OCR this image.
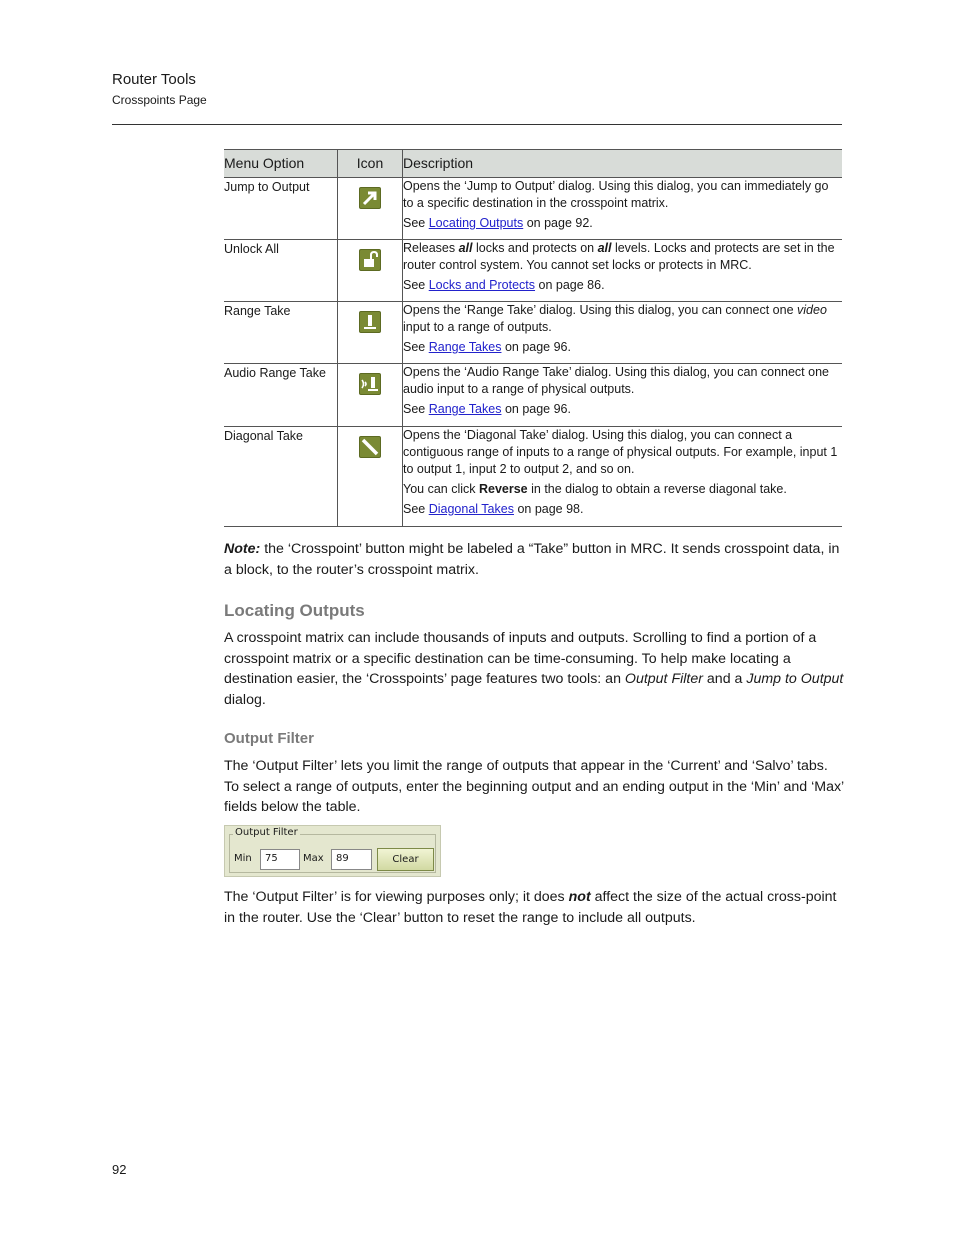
Router Tools
Crosspoints Page
Menu Option	Icon	Description
Jump to Output		Opens the ‘Jump to Output’ dialog. Using this dialog, you can immediately go to a specific destination in the crosspoint matrix.

See Locating Outputs on page 92.

Unlock All		Releases all locks and protects on all levels. Locks and protects are set in the router control system. You cannot set locks or protects in MRC.

See Locks and Protects on page 86.

Range Take		Opens the ‘Range Take’ dialog. Using this dialog, you can connect one video input to a range of outputs.

See Range Takes on page 96.

Audio Range Take		Opens the ‘Audio Range Take’ dialog. Using this dialog, you can connect one audio input to a range of physical outputs.

See Range Takes on page 96.

Diagonal Take		Opens the ‘Diagonal Take’ dialog. Using this dialog, you can connect a contiguous range of inputs to a range of physical outputs. For example, input 1 to output 1, input 2 to output 2, and so on.

You can click Reverse in the dialog to obtain a reverse diagonal take.

See Diagonal Takes on page 98.

Note: the ‘Crosspoint’ button might be labeled a “Take” button in MRC. It sends crosspoint data, in a block, to the router’s crosspoint matrix.
Locating Outputs

A crosspoint matrix can include thousands of inputs and outputs. Scrolling to find a portion of a crosspoint matrix or a specific destination can be time-consuming. To help make locating a destination easier, the ‘Crosspoints’ page features two tools: an Output Filter and a Jump to Output dialog.

Output Filter

The ‘Output Filter’ lets you limit the range of outputs that appear in the ‘Current’ and ‘Salvo’ tabs. To select a range of outputs, enter the beginning output and an ending output in the ‘Min’ and ‘Max’ fields below the table.

Output Filter
Min	75	Max	89	Clear

The ‘Output Filter’ is for viewing purposes only; it does not affect the size of the actual cross-point in the router. Use the ‘Clear’ button to reset the range to include all outputs.

92
